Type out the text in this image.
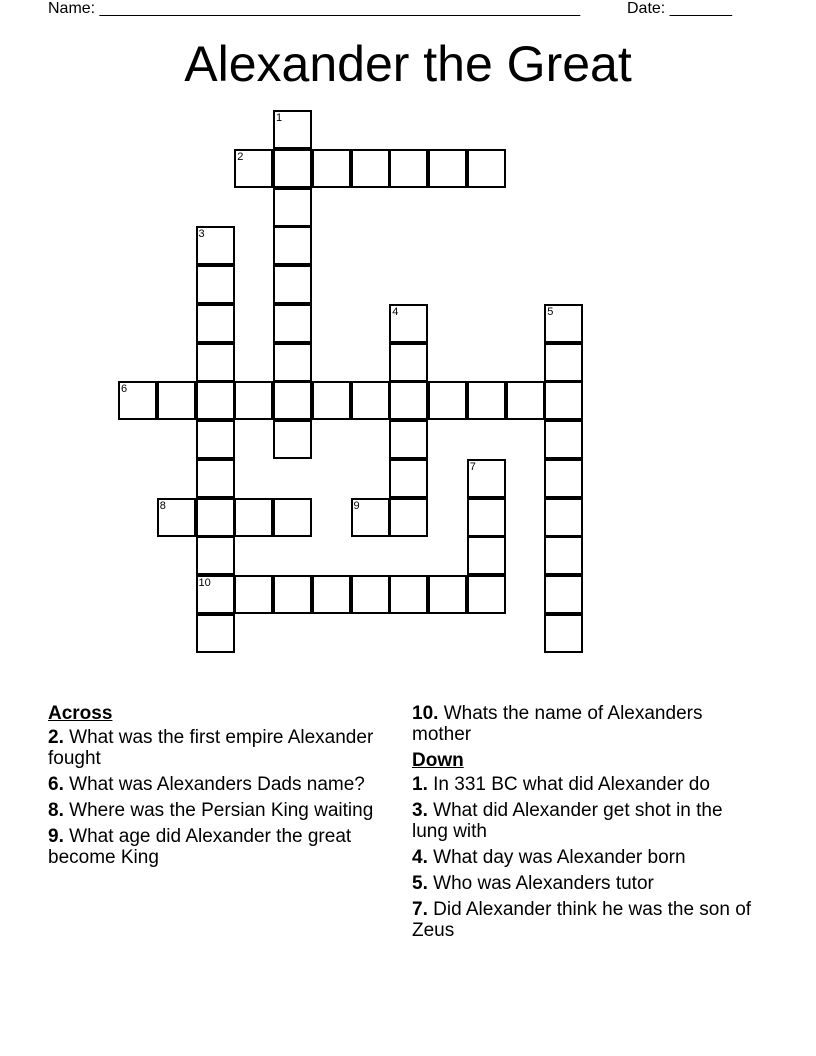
Name: ______________________________________________________	Date: _______
Alexander the Great
1
2
3
10
4	5
6
7
8	9
Across
2. What was the first empire Alexander fought
6. What was Alexanders Dads name?
8. Where was the Persian King waiting
9. What age did Alexander the great become King
10. Whats the name of Alexanders mother
Down
1. In 331 BC what did Alexander do
3. What did Alexander get shot in the lung with
4. What day was Alexander born
5. Who was Alexanders tutor
7. Did Alexander think he was the son of Zeus
